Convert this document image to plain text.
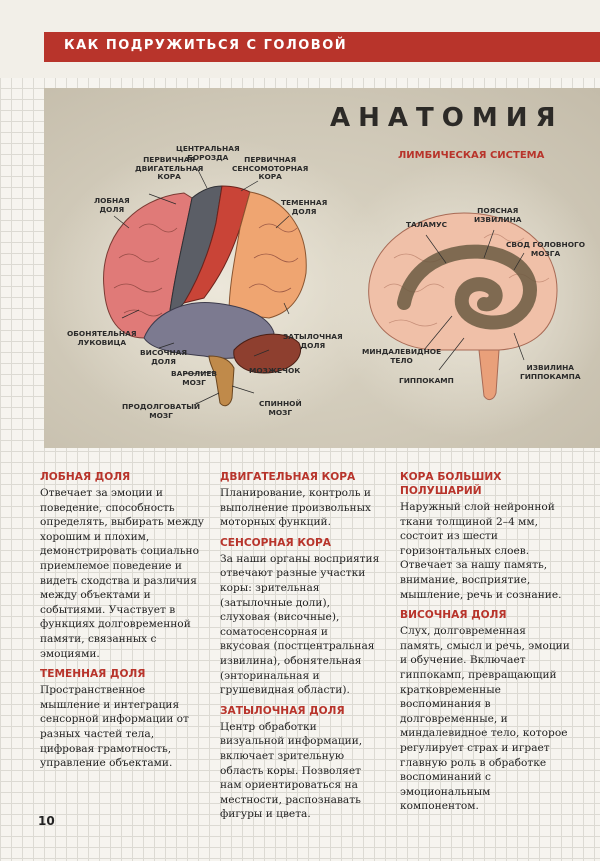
КАК ПОДРУЖИТЬСЯ С ГОЛОВОЙ
АНАТОМИЯ
ЛИМБИЧЕСКАЯ СИСТЕМА
ПЕРВИЧНАЯ
ДВИГАТЕЛЬНАЯ
КОРА
ЦЕНТРАЛЬНАЯ
БОРОЗДА	ПЕРВИЧНАЯ
СЕНСОМОТОРНАЯ
КОРА
ЛОБНАЯ
ДОЛЯ
ТЕМЕННАЯ
ДОЛЯ
ОБОНЯТЕЛЬНАЯ
ЛУКОВИЦА
ЗАТЫЛОЧНАЯ
ДОЛЯ
ВИСОЧНАЯ
ДОЛЯ
ВАРОЛИЕВ
МОЗГ
МОЗЖЕЧОК
ПРОДОЛГОВАТЫЙ
МОЗГ
СПИННОЙ
МОЗГ
ТАЛАМУС
ПОЯСНАЯ
ИЗВИЛИНА
СВОД ГОЛОВНОГО
МОЗГА
МИНДАЛЕВИДНОЕ
ТЕЛО
ГИППОКАМП
ИЗВИЛИНА
ГИППОКАМПА
ЛОБНАЯ ДОЛЯ

Отвечает за эмоции и поведение, способность определять, выбирать между хорошим и плохим, демонстрировать социально приемлемое поведение и видеть сходства и различия между объектами и событиями. Участвует в функциях долговременной памяти, связанных с эмоциями.

ТЕМЕННАЯ ДОЛЯ

Пространственное мышление и интеграция сенсорной информации от разных частей тела, цифровая грамотность, управление объектами.

ДВИГАТЕЛЬНАЯ КОРА

Планирование, контроль и выполнение произвольных моторных функций.

СЕНСОРНАЯ КОРА

За наши органы восприятия отвечают разные участки коры: зрительная (затылочные доли), слуховая (височные), соматосенсорная и вкусовая (постцентральная извилина), обонятельная (энторинальная и грушевидная области).

ЗАТЫЛОЧНАЯ ДОЛЯ

Центр обработки визуальной информации, включает зрительную область коры. Позволяет нам ориентироваться на местности, распознавать фигуры и цвета.

КОРА БОЛЬШИХ ПОЛУШАРИЙ

Наружный слой нейронной ткани толщиной 2–4 мм, состоит из шести горизонтальных слоев. Отвечает за нашу память, внимание, восприятие, мышление, речь и сознание.

ВИСОЧНАЯ ДОЛЯ

Слух, долговременная память, смысл и речь, эмоции и обучение. Включает гиппокамп, превращающий кратковременные воспоминания в долговременные, и миндалевидное тело, которое регулирует страх и играет главную роль в обработке воспоминаний с эмоциональным компонентом.

10
